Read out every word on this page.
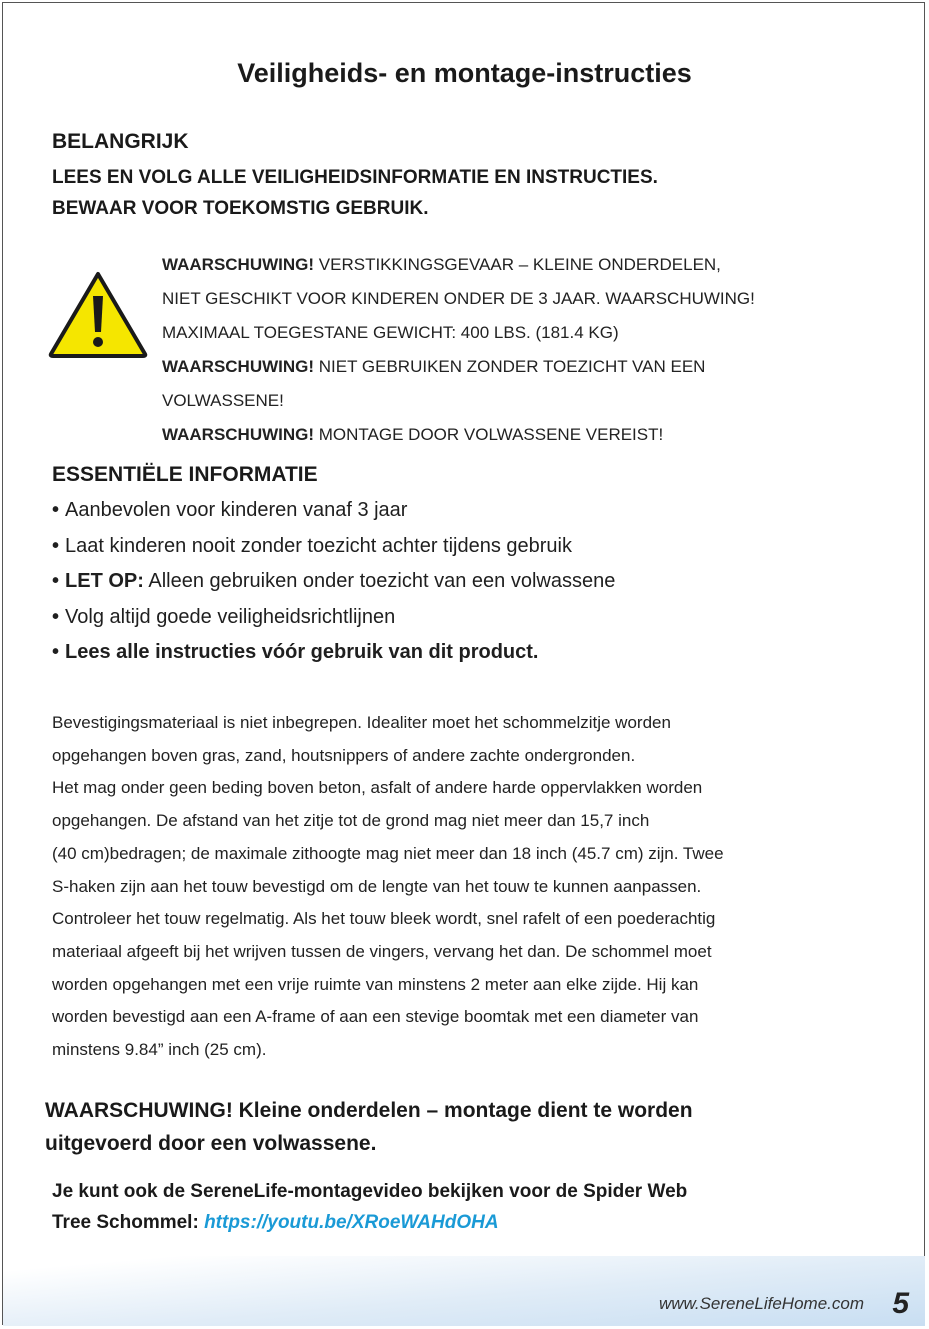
Veiligheids- en montage-instructies
BELANGRIJK
LEES EN VOLG ALLE VEILIGHEIDSINFORMATIE EN INSTRUCTIES.
BEWAAR VOOR TOEKOMSTIG GEBRUIK.
WAARSCHUWING! VERSTIKKINGSGEVAAR – KLEINE ONDERDELEN,
NIET GESCHIKT VOOR KINDEREN ONDER DE 3 JAAR. WAARSCHUWING!
MAXIMAAL TOEGESTANE GEWICHT: 400 LBS. (181.4 KG)
WAARSCHUWING! NIET GEBRUIKEN ZONDER TOEZICHT VAN EEN
VOLWASSENE!
WAARSCHUWING! MONTAGE DOOR VOLWASSENE VEREIST!
ESSENTIËLE INFORMATIE
• Aanbevolen voor kinderen vanaf 3 jaar
• Laat kinderen nooit zonder toezicht achter tijdens gebruik
• LET OP: Alleen gebruiken onder toezicht van een volwassene
• Volg altijd goede veiligheidsrichtlijnen
• Lees alle instructies vóór gebruik van dit product.
Bevestigingsmateriaal is niet inbegrepen. Idealiter moet het schommelzitje worden
opgehangen boven gras, zand, houtsnippers of andere zachte ondergronden.
Het mag onder geen beding boven beton, asfalt of andere harde oppervlakken worden
opgehangen. De afstand van het zitje tot de grond mag niet meer dan 15,7 inch
(40 cm)bedragen; de maximale zithoogte mag niet meer dan 18 inch (45.7 cm) zijn. Twee
S-haken zijn aan het touw bevestigd om de lengte van het touw te kunnen aanpassen.
Controleer het touw regelmatig. Als het touw bleek wordt, snel rafelt of een poederachtig
materiaal afgeeft bij het wrijven tussen de vingers, vervang het dan. De schommel moet
worden opgehangen met een vrije ruimte van minstens 2 meter aan elke zijde. Hij kan
worden bevestigd aan een A-frame of aan een stevige boomtak met een diameter van
minstens 9.84” inch (25 cm).
WAARSCHUWING! Kleine onderdelen – montage dient te worden
uitgevoerd door een volwassene.
Je kunt ook de SereneLife-montagevideo bekijken voor de Spider Web
Tree Schommel: https://youtu.be/XRoeWAHdOHA
www.SereneLifeHome.com 5
